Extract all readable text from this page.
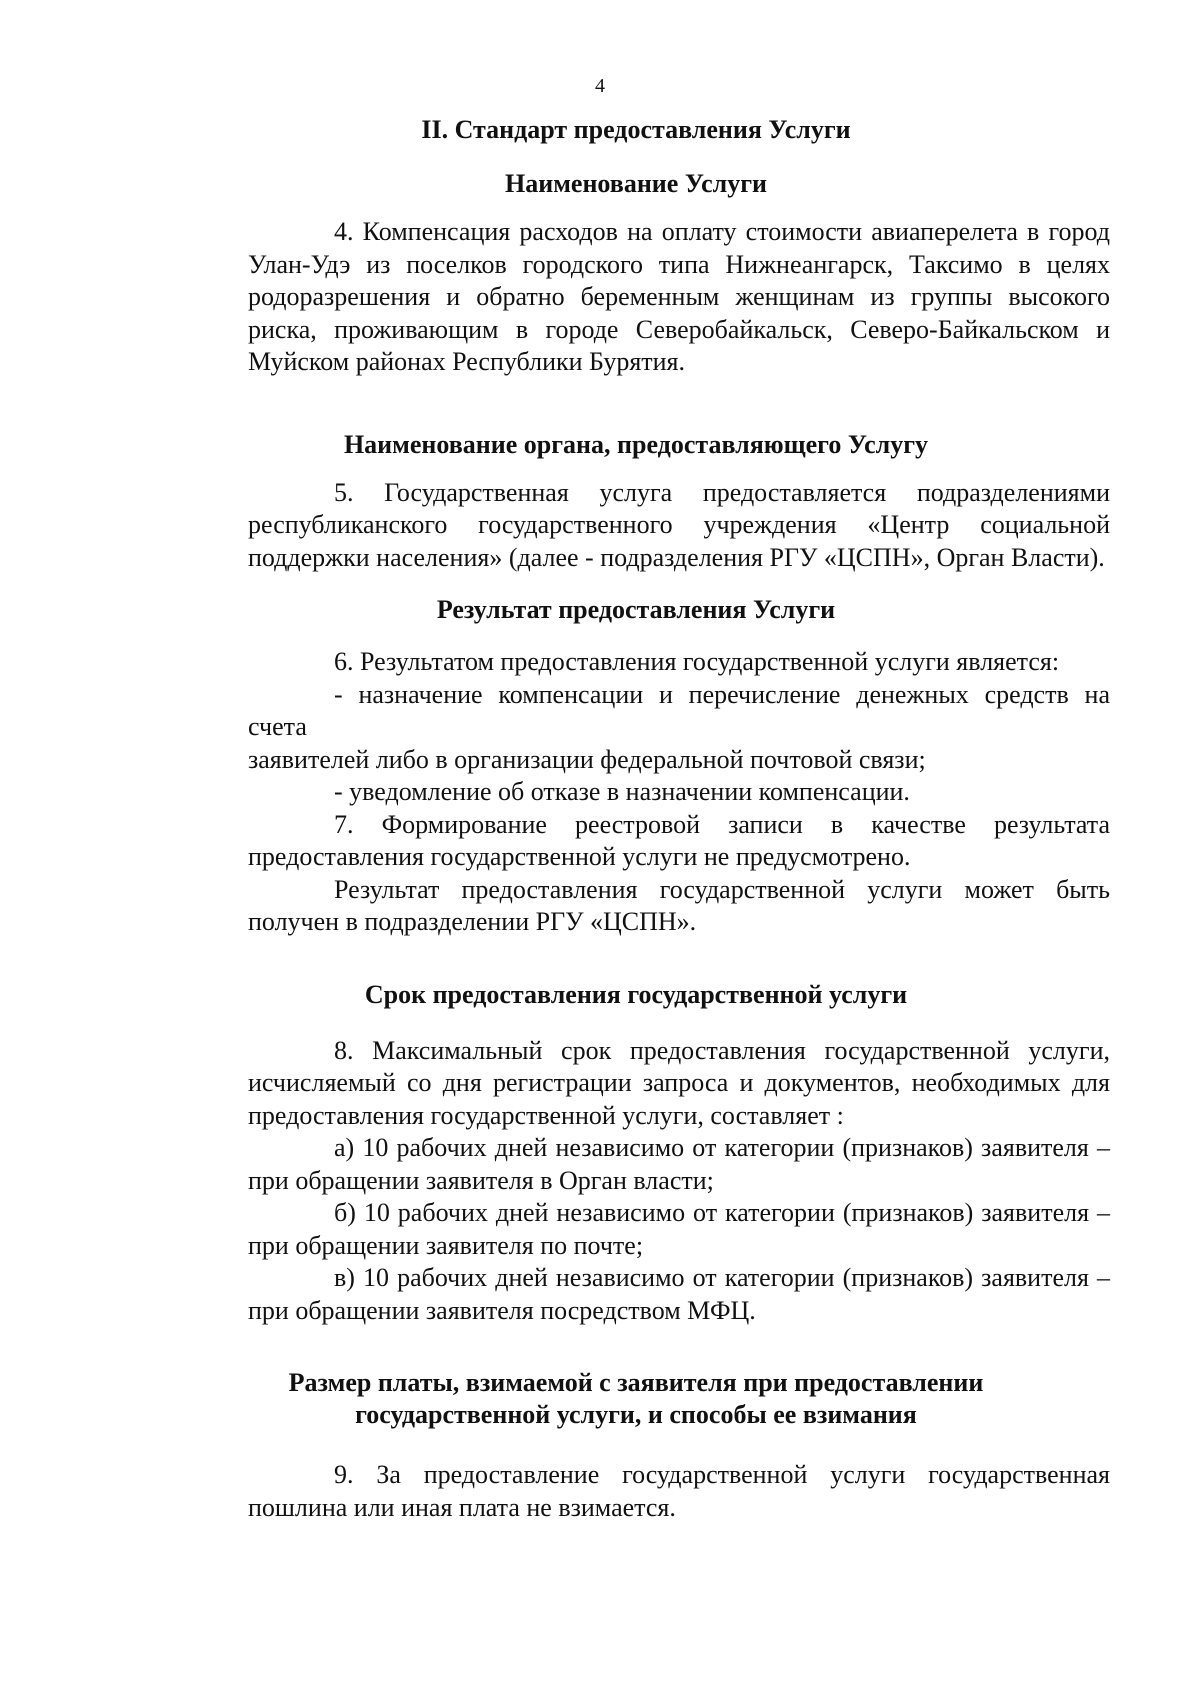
4
II. Стандарт предоставления Услуги
Наименование Услуги
4. Компенсация расходов на оплату стоимости авиаперелета в город
Улан-Удэ из поселков городского типа Нижнеангарск, Таксимо в целях
родоразрешения и обратно беременным женщинам из группы высокого
риска, проживающим в городе Северобайкальск, Северо-Байкальском и
Муйском районах Республики Бурятия.
Наименование органа, предоставляющего Услугу
5. Государственная услуга предоставляется подразделениями
республиканского государственного учреждения «Центр социальной
поддержки населения» (далее - подразделения РГУ «ЦСПН», Орган Власти).
Результат предоставления Услуги
6. Результатом предоставления государственной услуги является:
- назначение компенсации и перечисление денежных средств на счета
заявителей либо в организации федеральной почтовой связи;
- уведомление об отказе в назначении компенсации.
7. Формирование реестровой записи в качестве результата
предоставления государственной услуги не предусмотрено.
Результат предоставления государственной услуги может быть
получен в подразделении РГУ «ЦСПН».
Срок предоставления государственной услуги
8. Максимальный срок предоставления государственной услуги,
исчисляемый со дня регистрации запроса и документов, необходимых для
предоставления государственной услуги, составляет :
а) 10 рабочих дней независимо от категории (признаков) заявителя –
при обращении заявителя в Орган власти;
б) 10 рабочих дней независимо от категории (признаков) заявителя –
при обращении заявителя по почте;
в) 10 рабочих дней независимо от категории (признаков) заявителя –
при обращении заявителя посредством МФЦ.
Размер платы, взимаемой с заявителя при предоставлении
государственной услуги, и способы ее взимания
9. За предоставление государственной услуги государственная
пошлина или иная плата не взимается.
